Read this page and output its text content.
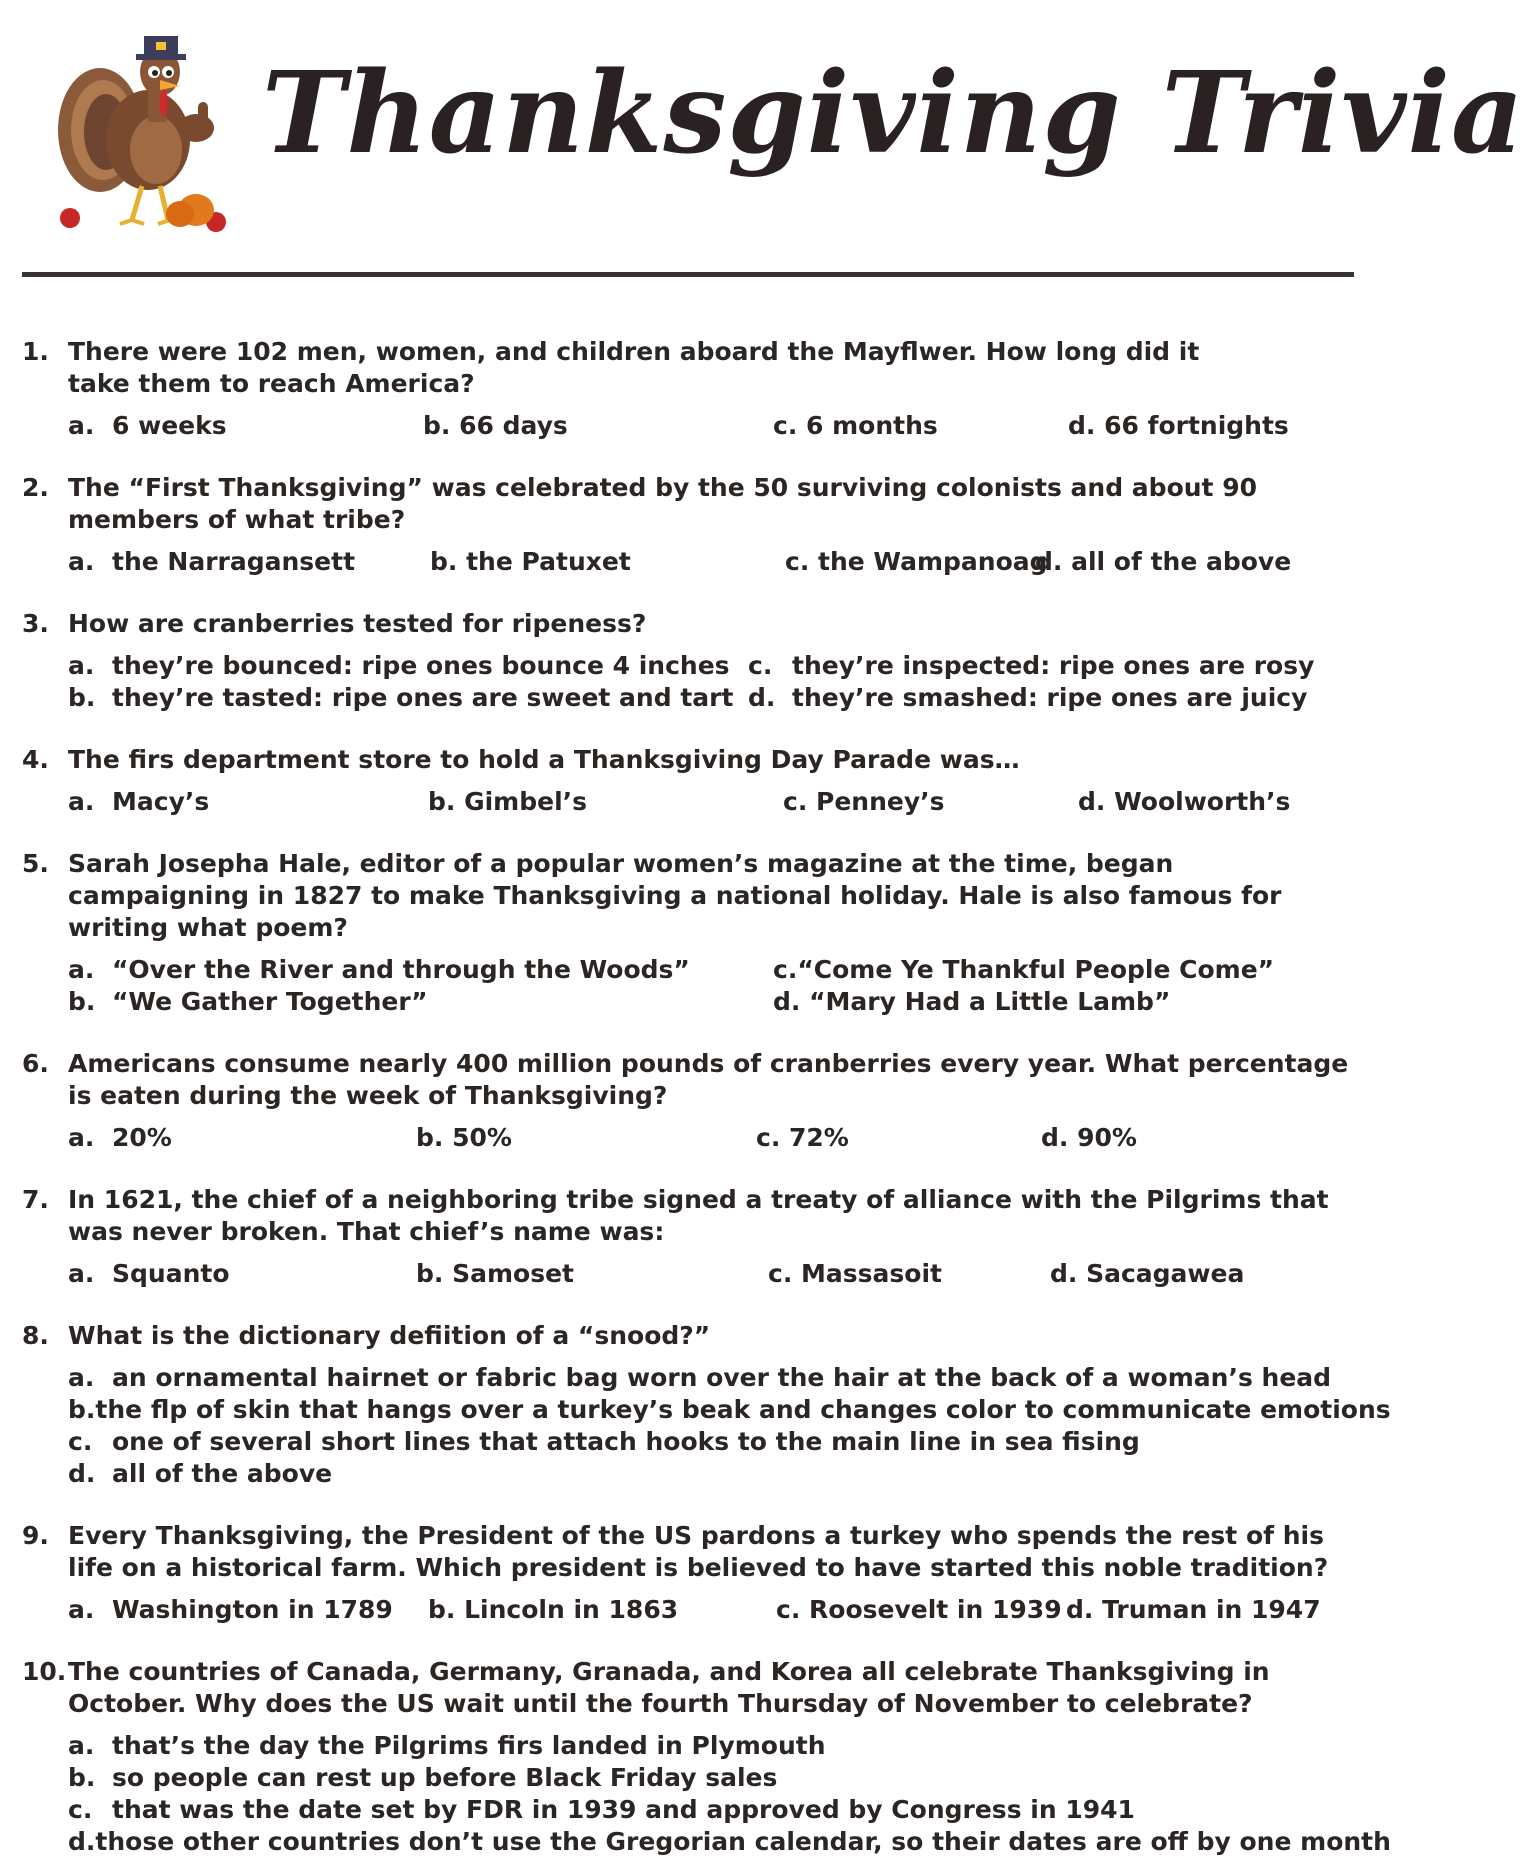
Thanksgiving Trivia
1. There were 102 men, women, and children aboard the Mayflwer. How long did it take them to reach America?
a. 6 weeks	b. 66 days	c. 6 months	d. 66 fortnights
2. The “First Thanksgiving” was celebrated by the 50 surviving colonists and about 90 members of what tribe?
a. the Narragansett	b. the Patuxet	c. the Wampanoag
d. all of the above
3. How are cranberries tested for ripeness?
a. they’re bounced: ripe ones bounce 4 inches c. they’re inspected: ripe ones are rosy
b. they’re tasted: ripe ones are sweet and tart d. they’re smashed: ripe ones are juicy
4. The firs department store to hold a Thanksgiving Day Parade was…
a. Macy’s	b. Gimbel’s	c. Penney’s	d. Woolworth’s
5. Sarah Josepha Hale, editor of a popular women’s magazine at the time, began campaigning in 1827 to make Thanksgiving a national holiday. Hale is also famous for writing what poem?
a. “Over the River and through the Woods”	c.“Come Ye Thankful People Come”
b. “We Gather Together”	d. “Mary Had a Little Lamb”
6. Americans consume nearly 400 million pounds of cranberries every year. What percentage is eaten during the week of Thanksgiving?
a. 20%	b. 50%	c. 72%	d. 90%
7. In 1621, the chief of a neighboring tribe signed a treaty of alliance with the Pilgrims that was never broken. That chief’s name was:
a. Squanto	b. Samoset	c. Massasoit	d. Sacagawea
8. What is the dictionary defiition of a “snood?”
a. an ornamental hairnet or fabric bag worn over the hair at the back of a woman’s head
b. the flp of skin that hangs over a turkey’s beak and changes color to communicate emotions
c. one of several short lines that attach hooks to the main line in sea fising
d. all of the above
9. Every Thanksgiving, the President of the US pardons a turkey who spends the rest of his life on a historical farm. Which president is believed to have started this noble tradition?
a. Washington in 1789	b. Lincoln in 1863	c. Roosevelt in 1939 d. Truman in 1947
10. The countries of Canada, Germany, Granada, and Korea all celebrate Thanksgiving in October. Why does the US wait until the fourth Thursday of November to celebrate?
a. that’s the day the Pilgrims firs landed in Plymouth
b. so people can rest up before Black Friday sales
c. that was the date set by FDR in 1939 and approved by Congress in 1941
d. those other countries don’t use the Gregorian calendar, so their dates are off by one month
